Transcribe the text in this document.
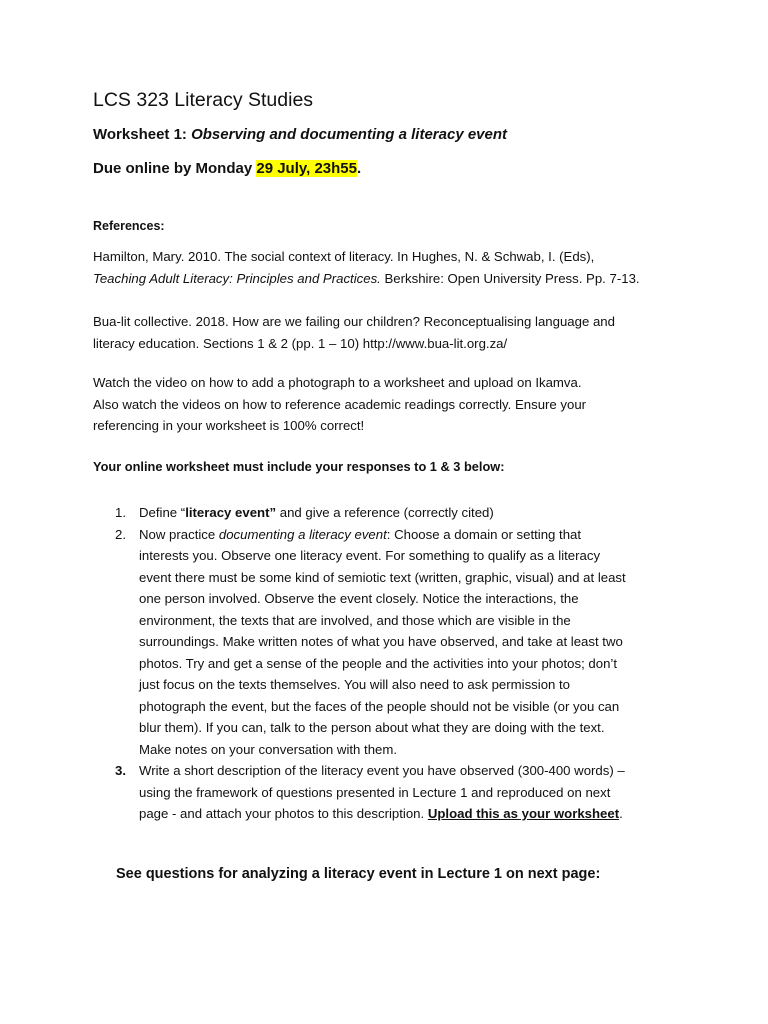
LCS 323 Literacy Studies
Worksheet 1: Observing and documenting a literacy event
Due online by Monday 29 July, 23h55.
References:
Hamilton, Mary. 2010. The social context of literacy. In Hughes, N. & Schwab, I. (Eds),
Teaching Adult Literacy: Principles and Practices. Berkshire: Open University Press. Pp. 7-13.
Bua-lit collective. 2018. How are we failing our children? Reconceptualising language and
literacy education. Sections 1 & 2 (pp. 1 – 10) http://www.bua-lit.org.za/
Watch the video on how to add a photograph to a worksheet and upload on Ikamva.
Also watch the videos on how to reference academic readings correctly. Ensure your
referencing in your worksheet is 100% correct!
Your online worksheet must include your responses to 1 & 3 below:
1. Define “literacy event” and give a reference (correctly cited)
2. Now practice documenting a literacy event: Choose a domain or setting that
interests you. Observe one literacy event. For something to qualify as a literacy
event there must be some kind of semiotic text (written, graphic, visual) and at least
one person involved. Observe the event closely. Notice the interactions, the
environment, the texts that are involved, and those which are visible in the
surroundings. Make written notes of what you have observed, and take at least two
photos. Try and get a sense of the people and the activities into your photos; don’t
just focus on the texts themselves. You will also need to ask permission to
photograph the event, but the faces of the people should not be visible (or you can
blur them). If you can, talk to the person about what they are doing with the text.
Make notes on your conversation with them.
3. Write a short description of the literacy event you have observed (300-400 words) –
using the framework of questions presented in Lecture 1 and reproduced on next
page - and attach your photos to this description. Upload this as your worksheet.
See questions for analyzing a literacy event in Lecture 1 on next page:
